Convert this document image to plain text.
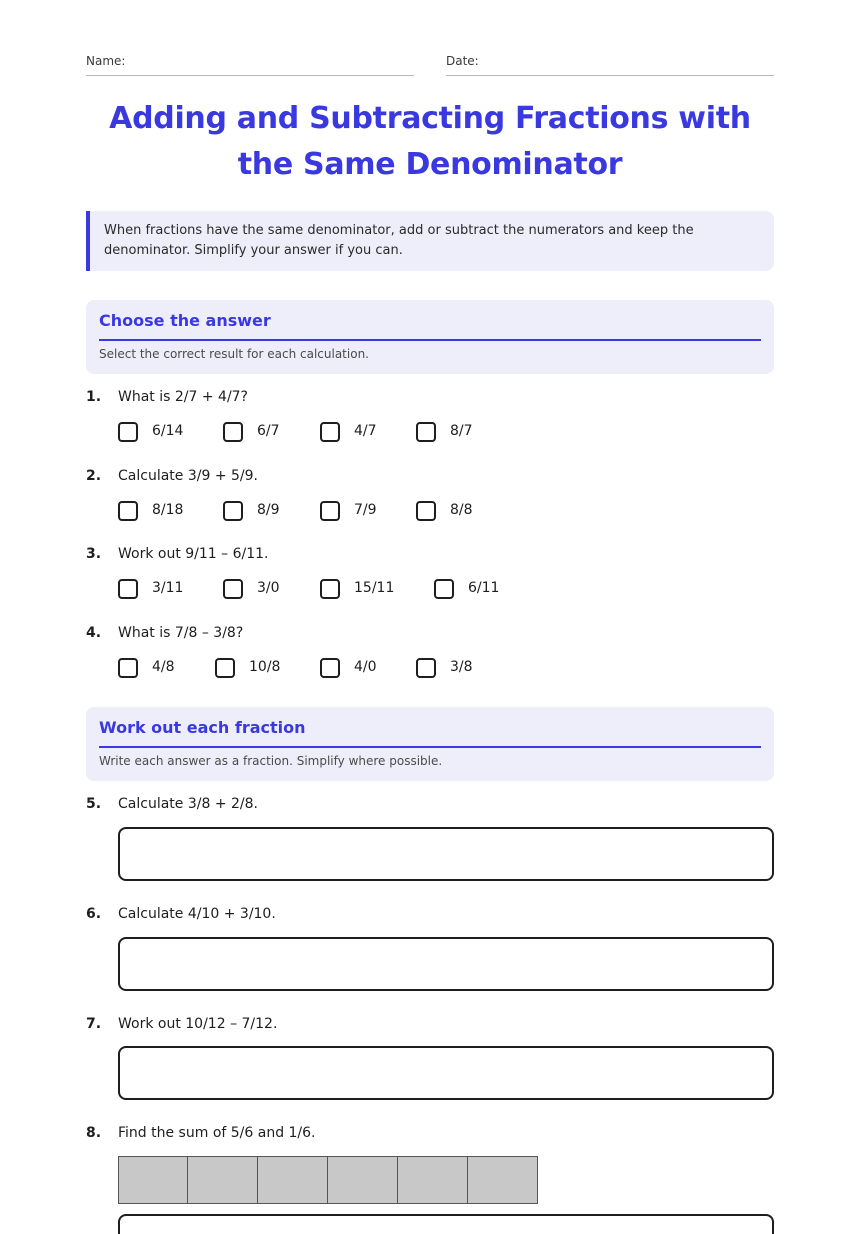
Name:	Date:
Adding and Subtracting Fractions with the Same Denominator
When fractions have the same denominator, add or subtract the numerators and keep the denominator. Simplify your answer if you can.
Choose the answer
Select the correct result for each calculation.
1. What is 2/7 + 4/7?
6/14	6/7	4/7	8/7
2. Calculate 3/9 + 5/9.
8/18	8/9	7/9	8/8
3. Work out 9/11 – 6/11.
3/11	3/0	15/11	6/11
4. What is 7/8 – 3/8?
4/8	10/8	4/0	3/8
Work out each fraction
Write each answer as a fraction. Simplify where possible.
5. Calculate 3/8 + 2/8.
6. Calculate 4/10 + 3/10.
7. Work out 10/12 – 7/12.
8. Find the sum of 5/6 and 1/6.
